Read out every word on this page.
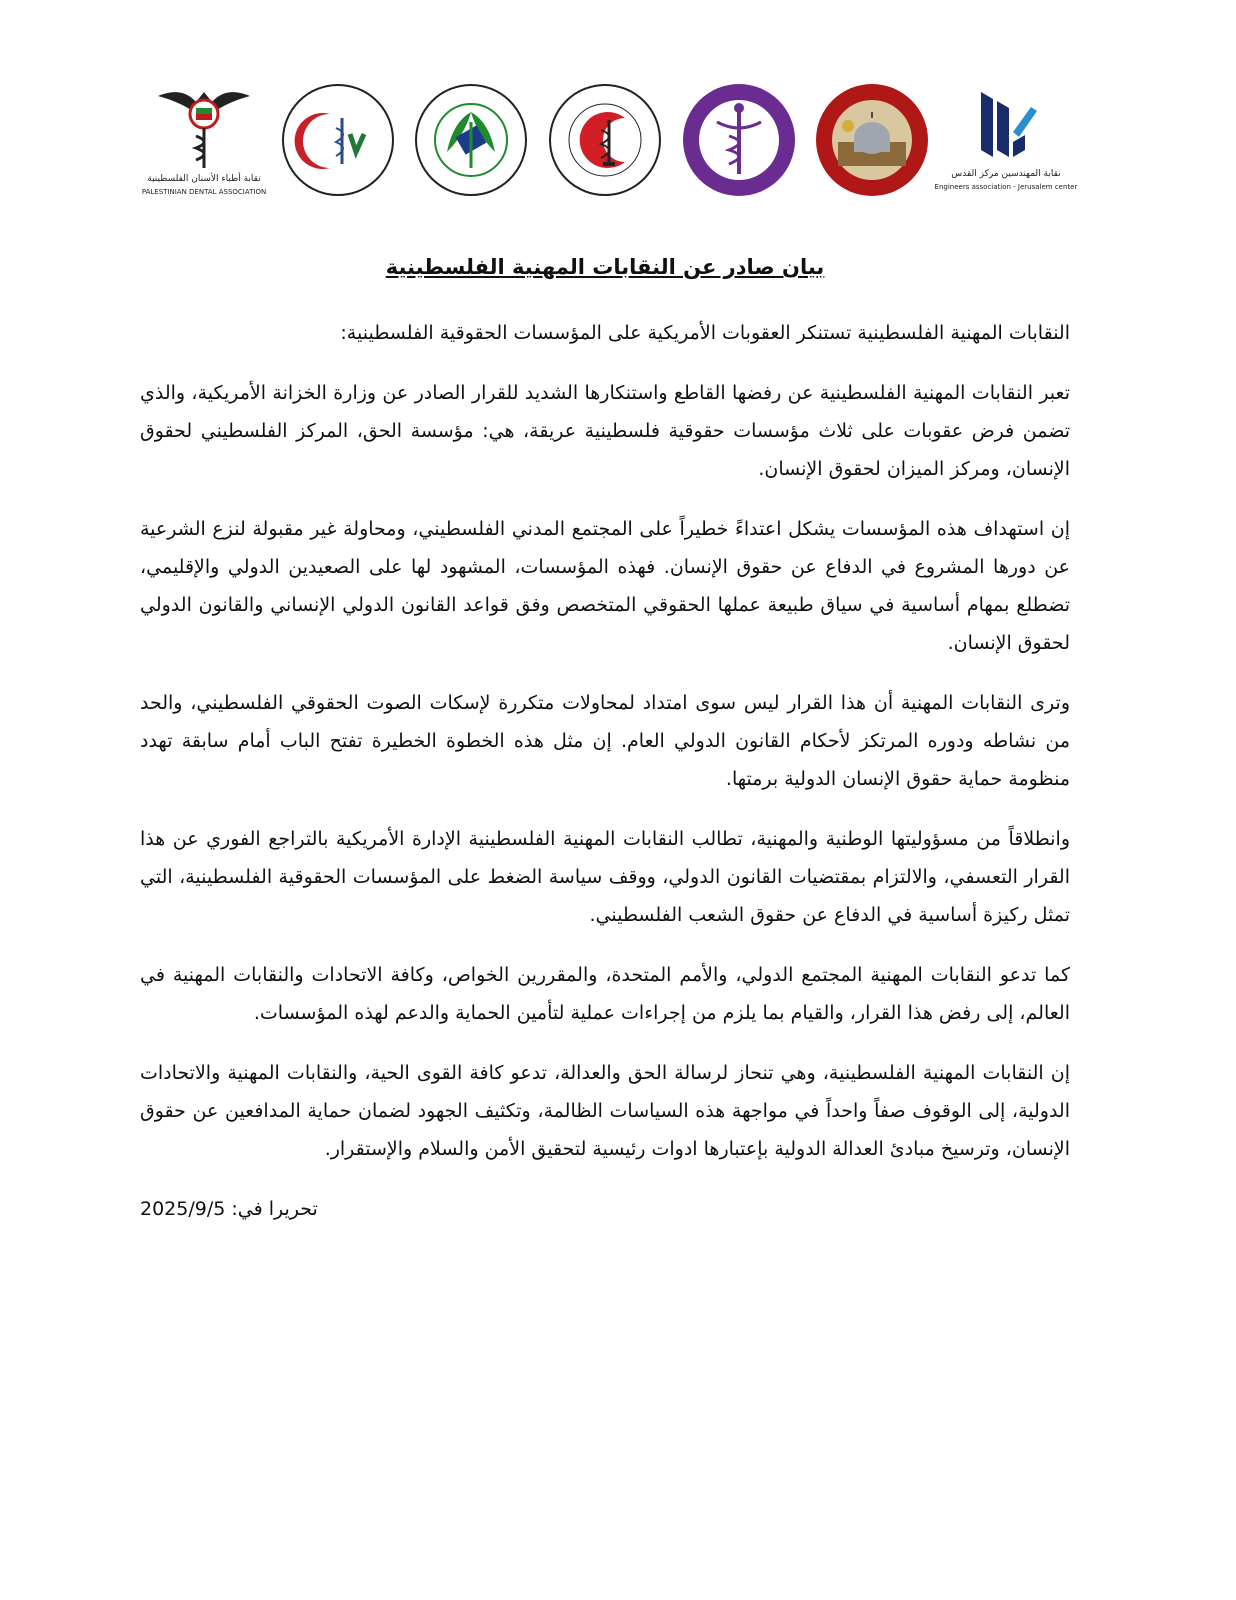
نقابة المهندسين مركز القدس
Engineers association - Jerusalem center
نقابة أطباء الأسنان الفلسطينية
PALESTINIAN DENTAL ASSOCIATION
بيان صادر عن النقابات المهنية الفلسطينية

النقابات المهنية الفلسطينية تستنكر العقوبات الأمريكية على المؤسسات الحقوقية الفلسطينية:

تعبر النقابات المهنية الفلسطينية عن رفضها القاطع واستنكارها الشديد للقرار الصادر عن وزارة الخزانة الأمريكية، والذي تضمن فرض عقوبات على ثلاث مؤسسات حقوقية فلسطينية عريقة، هي: مؤسسة الحق، المركز الفلسطيني لحقوق الإنسان، ومركز الميزان لحقوق الإنسان.

إن استهداف هذه المؤسسات يشكل اعتداءً خطيراً على المجتمع المدني الفلسطيني، ومحاولة غير مقبولة لنزع الشرعية عن دورها المشروع في الدفاع عن حقوق الإنسان. فهذه المؤسسات، المشهود لها على الصعيدين الدولي والإقليمي، تضطلع بمهام أساسية في سياق طبيعة عملها الحقوقي المتخصص وفق قواعد القانون الدولي الإنساني والقانون الدولي لحقوق الإنسان.

وترى النقابات المهنية أن هذا القرار ليس سوى امتداد لمحاولات متكررة لإسكات الصوت الحقوقي الفلسطيني، والحد من نشاطه ودوره المرتكز لأحكام القانون الدولي العام. إن مثل هذه الخطوة الخطيرة تفتح الباب أمام سابقة تهدد منظومة حماية حقوق الإنسان الدولية برمتها.

وانطلاقاً من مسؤوليتها الوطنية والمهنية، تطالب النقابات المهنية الفلسطينية الإدارة الأمريكية بالتراجع الفوري عن هذا القرار التعسفي، والالتزام بمقتضيات القانون الدولي، ووقف سياسة الضغط على المؤسسات الحقوقية الفلسطينية، التي تمثل ركيزة أساسية في الدفاع عن حقوق الشعب الفلسطيني.

كما تدعو النقابات المهنية المجتمع الدولي، والأمم المتحدة، والمقررين الخواص، وكافة الاتحادات والنقابات المهنية في العالم، إلى رفض هذا القرار، والقيام بما يلزم من إجراءات عملية لتأمين الحماية والدعم لهذه المؤسسات.

إن النقابات المهنية الفلسطينية، وهي تنحاز لرسالة الحق والعدالة، تدعو كافة القوى الحية، والنقابات المهنية والاتحادات الدولية، إلى الوقوف صفاً واحداً في مواجهة هذه السياسات الظالمة، وتكثيف الجهود لضمان حماية المدافعين عن حقوق الإنسان، وترسيخ مبادئ العدالة الدولية بإعتبارها ادوات رئيسية لتحقيق الأمن والسلام والإستقرار.

تحريرا في: 2025/9/5
